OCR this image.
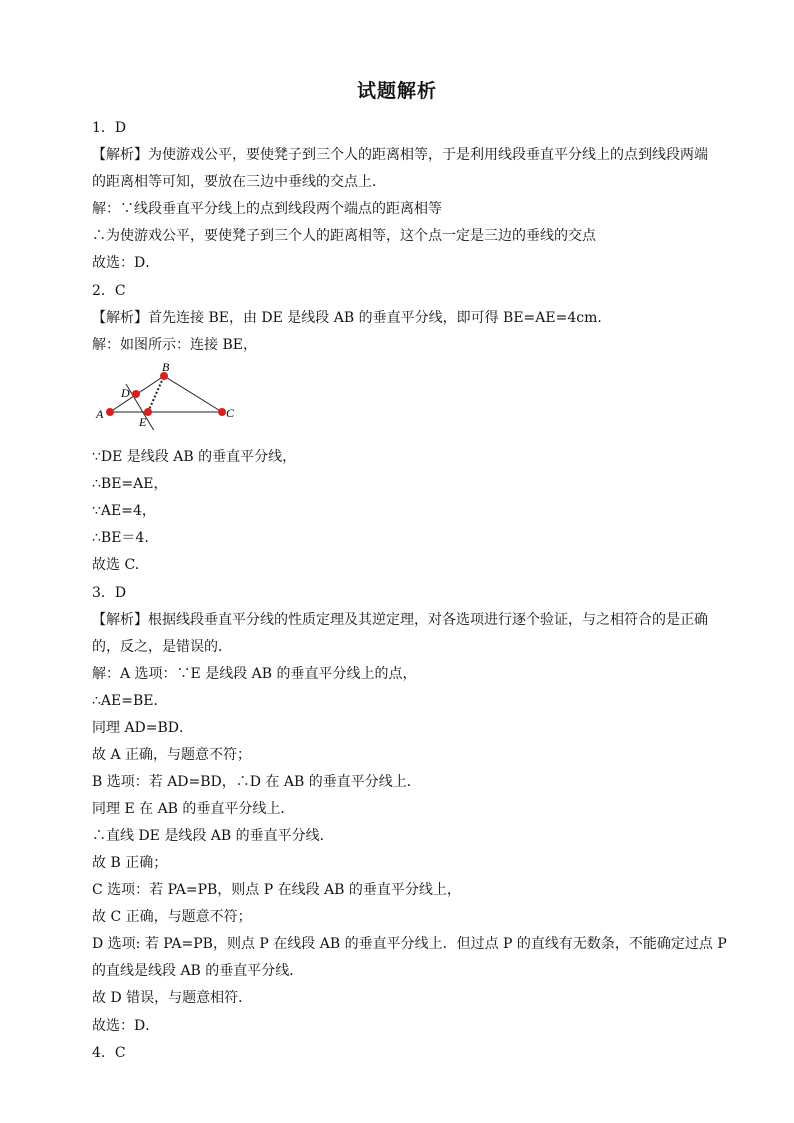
试题解析
1．D
【解析】为使游戏公平，要使凳子到三个人的距离相等，于是利用线段垂直平分线上的点到线段两端
的距离相等可知，要放在三边中垂线的交点上．
解：∵线段垂直平分线上的点到线段两个端点的距离相等
∴为使游戏公平，要使凳子到三个人的距离相等，这个点一定是三边的垂线的交点
故选：D．
2．C
【解析】首先连接 BE，由 DE 是线段 AB 的垂直平分线，即可得 BE=AE=4cm.
解：如图所示：连接 BE，
A
B
C
D
E
∵DE 是线段 AB 的垂直平分线，
∴BE=AE，
∵AE=4，
∴BE＝4.
故选 C.
3．D
【解析】根据线段垂直平分线的性质定理及其逆定理，对各选项进行逐个验证，与之相符合的是正确
的，反之，是错误的．
解：A 选项：∵E 是线段 AB 的垂直平分线上的点，
∴AE=BE．
同理 AD=BD．
故 A 正确，与题意不符；
B 选项：若 AD=BD，∴D 在 AB 的垂直平分线上．
同理 E 在 AB 的垂直平分线上．
∴直线 DE 是线段 AB 的垂直平分线．
故 B 正确；
C 选项：若 PA=PB，则点 P 在线段 AB 的垂直平分线上，
故 C 正确，与题意不符；
D 选项: 若 PA=PB，则点 P 在线段 AB 的垂直平分线上．但过点 P 的直线有无数条，不能确定过点 P
的直线是线段 AB 的垂直平分线．
故 D 错误，与题意相符．
故选：D．
4．C
